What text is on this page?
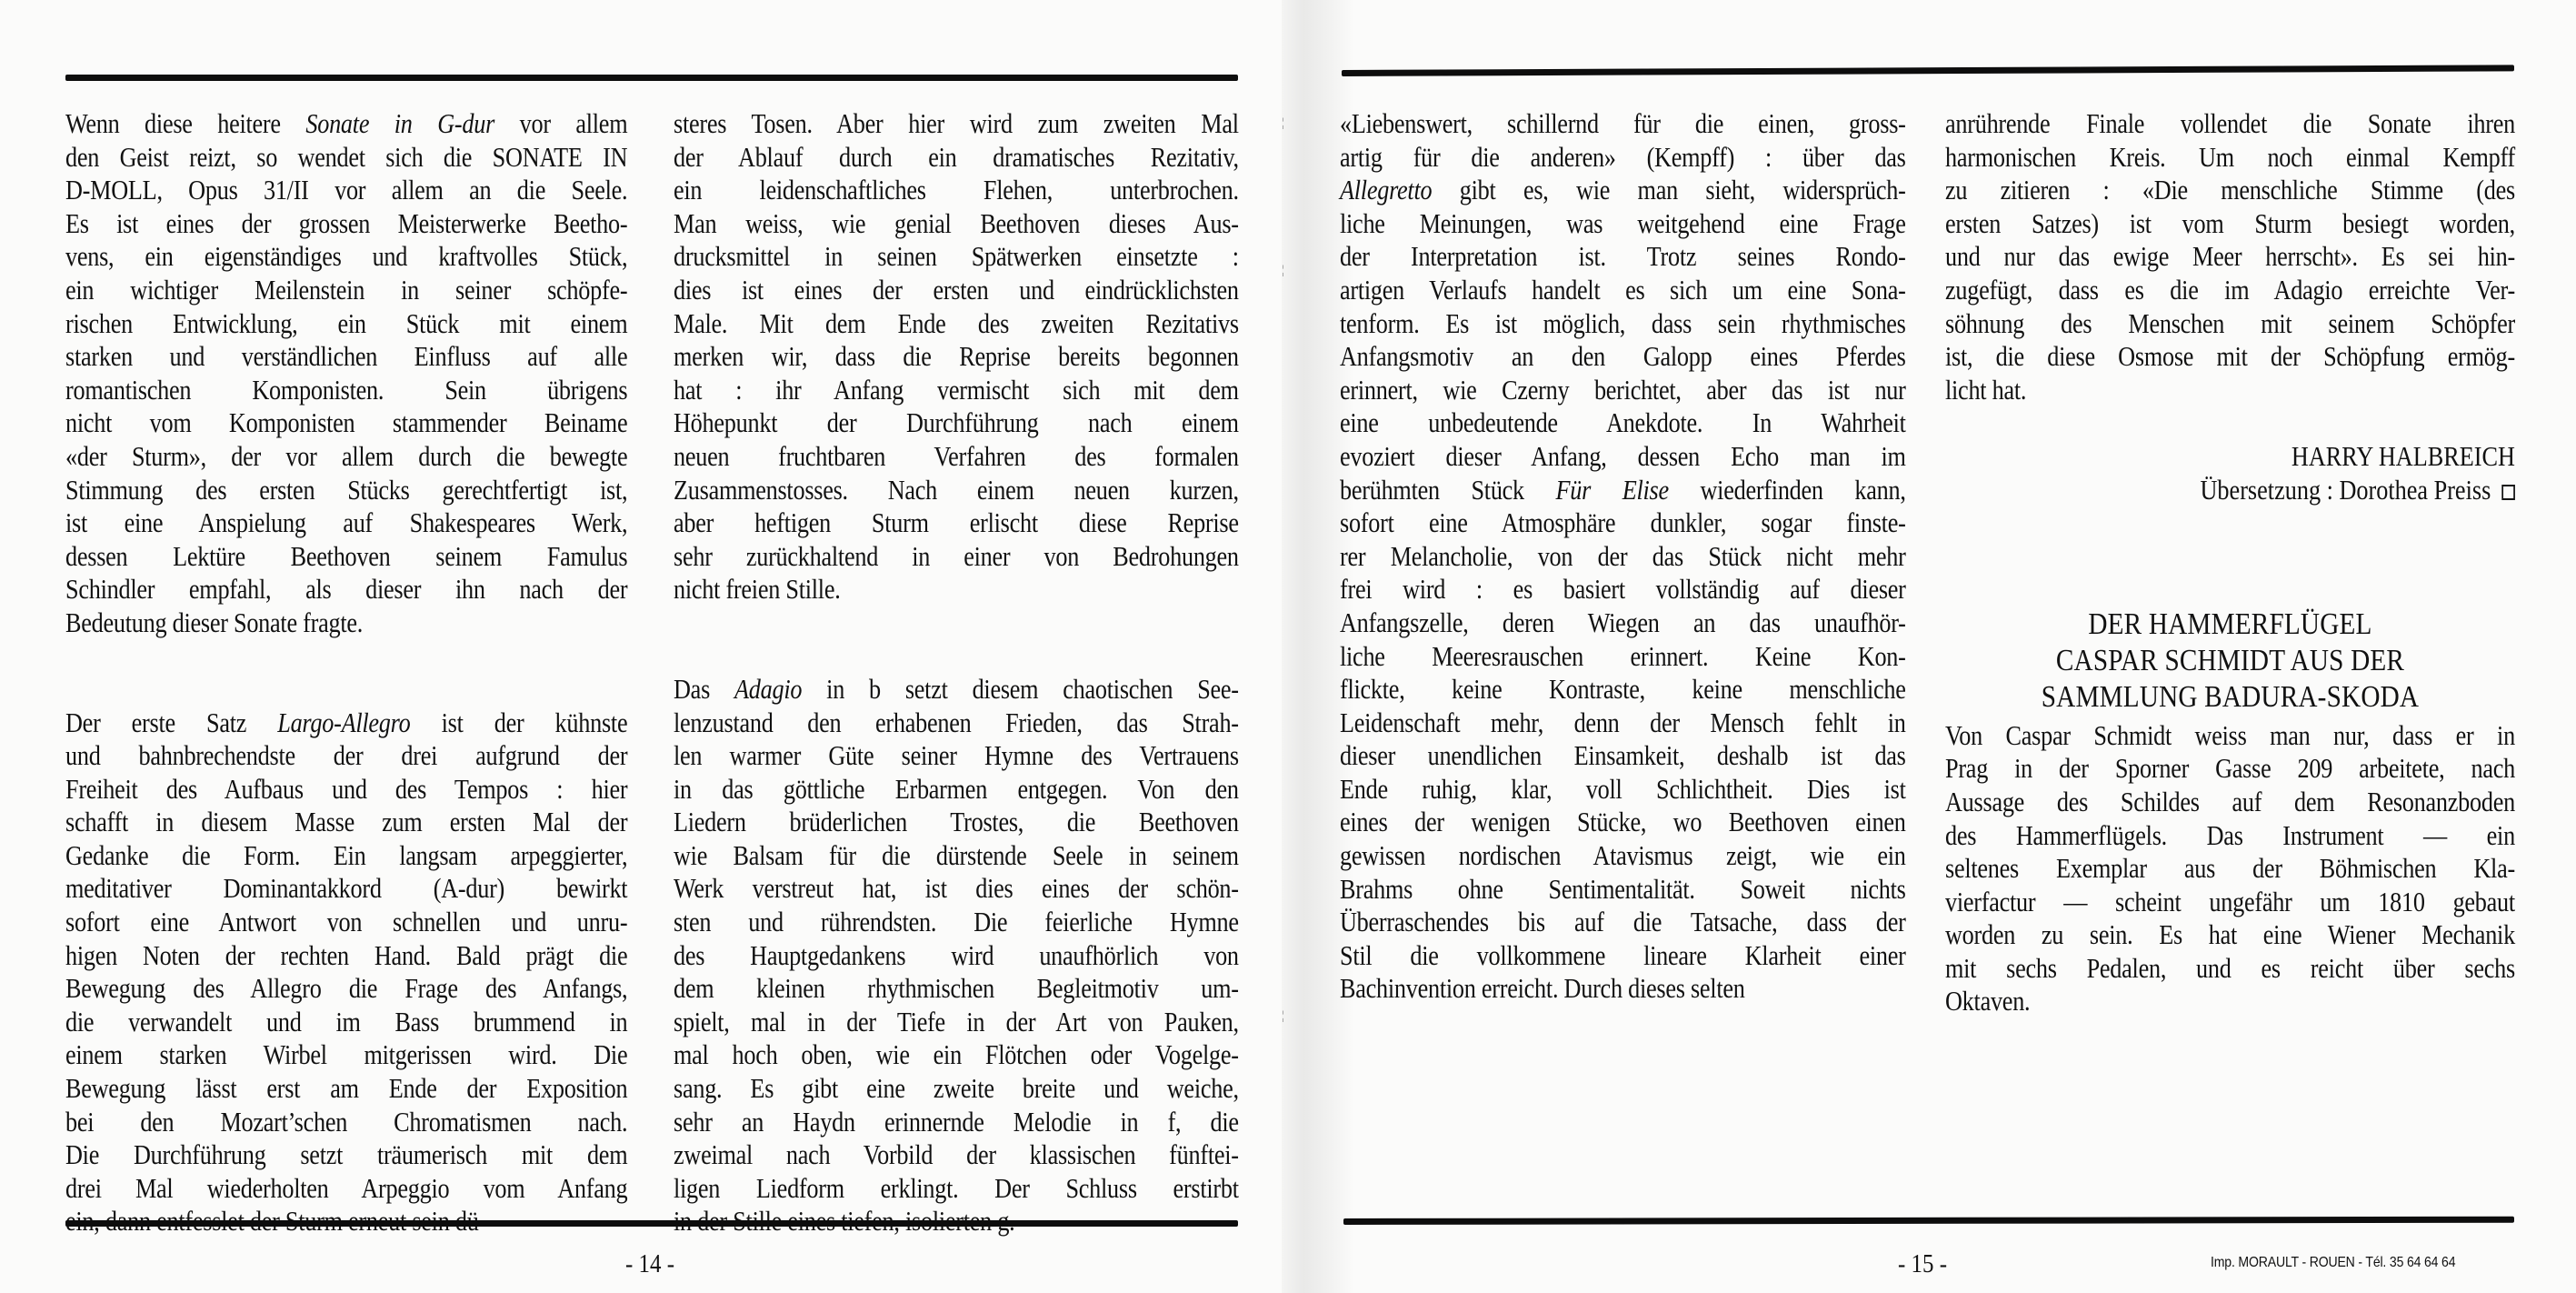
¦
¦
¦
Wenn diese heitere Sonate in G-dur vor allem
den Geist reizt, so wendet sich die SONATE IN
D-MOLL, Opus 31/II vor allem an die Seele.
Es ist eines der grossen Meisterwerke Beetho-
vens, ein eigenständiges und kraftvolles Stück,
ein wichtiger Meilenstein in seiner schöpfe-
rischen Entwicklung, ein Stück mit einem
starken und verständlichen Einfluss auf alle
romantischen Komponisten. Sein übrigens
nicht vom Komponisten stammender Beiname
«der Sturm», der vor allem durch die bewegte
Stimmung des ersten Stücks gerechtfertigt ist,
ist eine Anspielung auf Shakespeares Werk,
dessen Lektüre Beethoven seinem Famulus
Schindler empfahl, als dieser ihn nach der
Bedeutung dieser Sonate fragte.
Der erste Satz Largo-Allegro ist der kühnste
und bahnbrechendste der drei aufgrund der
Freiheit des Aufbaus und des Tempos : hier
schafft in diesem Masse zum ersten Mal der
Gedanke die Form. Ein langsam arpeggierter,
meditativer Dominantakkord (A-dur) bewirkt
sofort eine Antwort von schnellen und unru-
higen Noten der rechten Hand. Bald prägt die
Bewegung des Allegro die Frage des Anfangs,
die verwandelt und im Bass brummend in
einem starken Wirbel mitgerissen wird. Die
Bewegung lässt erst am Ende der Exposition
bei den Mozart’schen Chromatismen nach.
Die Durchführung setzt träumerisch mit dem
drei Mal wiederholten Arpeggio vom Anfang
steres Tosen. Aber hier wird zum zweiten Mal
der Ablauf durch ein dramatisches Rezitativ,
ein leidenschaftliches Flehen, unterbrochen.
Man weiss, wie genial Beethoven dieses Aus-
drucksmittel in seinen Spätwerken einsetzte :
dies ist eines der ersten und eindrücklichsten
Male. Mit dem Ende des zweiten Rezitativs
merken wir, dass die Reprise bereits begonnen
hat : ihr Anfang vermischt sich mit dem
Höhepunkt der Durchführung nach einem
neuen fruchtbaren Verfahren des formalen
Zusammenstosses. Nach einem neuen kurzen,
aber heftigen Sturm erlischt diese Reprise
sehr zurückhaltend in einer von Bedrohungen
nicht freien Stille.
Das Adagio in b setzt diesem chaotischen See-
lenzustand den erhabenen Frieden, das Strah-
len warmer Güte seiner Hymne des Vertrauens
in das göttliche Erbarmen entgegen. Von den
Liedern brüderlichen Trostes, die Beethoven
wie Balsam für die dürstende Seele in seinem
Werk verstreut hat, ist dies eines der schön-
sten und rührendsten. Die feierliche Hymne
des Hauptgedankens wird unaufhörlich von
dem kleinen rhythmischen Begleitmotiv um-
spielt, mal in der Tiefe in der Art von Pauken,
mal hoch oben, wie ein Flötchen oder Vogelge-
sang. Es gibt eine zweite breite und weiche,
sehr an Haydn erinnernde Melodie in f, die
zweimal nach Vorbild der klassischen fünftei-
ligen Liedform erklingt. Der Schluss erstirbt
- 14 -
«Liebenswert, schillernd für die einen, gross-
artig für die anderen» (Kempff) : über das
Allegretto gibt es, wie man sieht, widersprüch-
liche Meinungen, was weitgehend eine Frage
der Interpretation ist. Trotz seines Rondo-
artigen Verlaufs handelt es sich um eine Sona-
tenform. Es ist möglich, dass sein rhythmisches
Anfangsmotiv an den Galopp eines Pferdes
erinnert, wie Czerny berichtet, aber das ist nur
eine unbedeutende Anekdote. In Wahrheit
evoziert dieser Anfang, dessen Echo man im
berühmten Stück Für Elise wiederfinden kann,
sofort eine Atmosphäre dunkler, sogar finste-
rer Melancholie, von der das Stück nicht mehr
frei wird : es basiert vollständig auf dieser
Anfangszelle, deren Wiegen an das unaufhör-
liche Meeresrauschen erinnert. Keine Kon-
flickte, keine Kontraste, keine menschliche
Leidenschaft mehr, denn der Mensch fehlt in
dieser unendlichen Einsamkeit, deshalb ist das
Ende ruhig, klar, voll Schlichtheit. Dies ist
eines der wenigen Stücke, wo Beethoven einen
gewissen nordischen Atavismus zeigt, wie ein
Brahms ohne Sentimentalität. Soweit nichts
Überraschendes bis auf die Tatsache, dass der
Stil die vollkommene lineare Klarheit einer
Bachinvention erreicht. Durch dieses selten
anrührende Finale vollendet die Sonate ihren
harmonischen Kreis. Um noch einmal Kempff
zu zitieren : «Die menschliche Stimme (des
ersten Satzes) ist vom Sturm besiegt worden,
und nur das ewige Meer herrscht». Es sei hin-
zugefügt, dass es die im Adagio erreichte Ver-
söhnung des Menschen mit seinem Schöpfer
ist, die diese Osmose mit der Schöpfung ermög-
licht hat.
HARRY HALBREICH
Übersetzung : Dorothea Preiss
DER HAMMERFLÜGEL
CASPAR SCHMIDT AUS DER
SAMMLUNG BADURA-SKODA
Von Caspar Schmidt weiss man nur, dass er in
Prag in der Sporner Gasse 209 arbeitete, nach
Aussage des Schildes auf dem Resonanzboden
des Hammerflügels. Das Instrument — ein
seltenes Exemplar aus der Böhmischen Kla-
vierfactur — scheint ungefähr um 1810 gebaut
worden zu sein. Es hat eine Wiener Mechanik
mit sechs Pedalen, und es reicht über sechs
Oktaven.
- 15 -	Imp. MORAULT - ROUEN - Tél. 35 64 64 64
